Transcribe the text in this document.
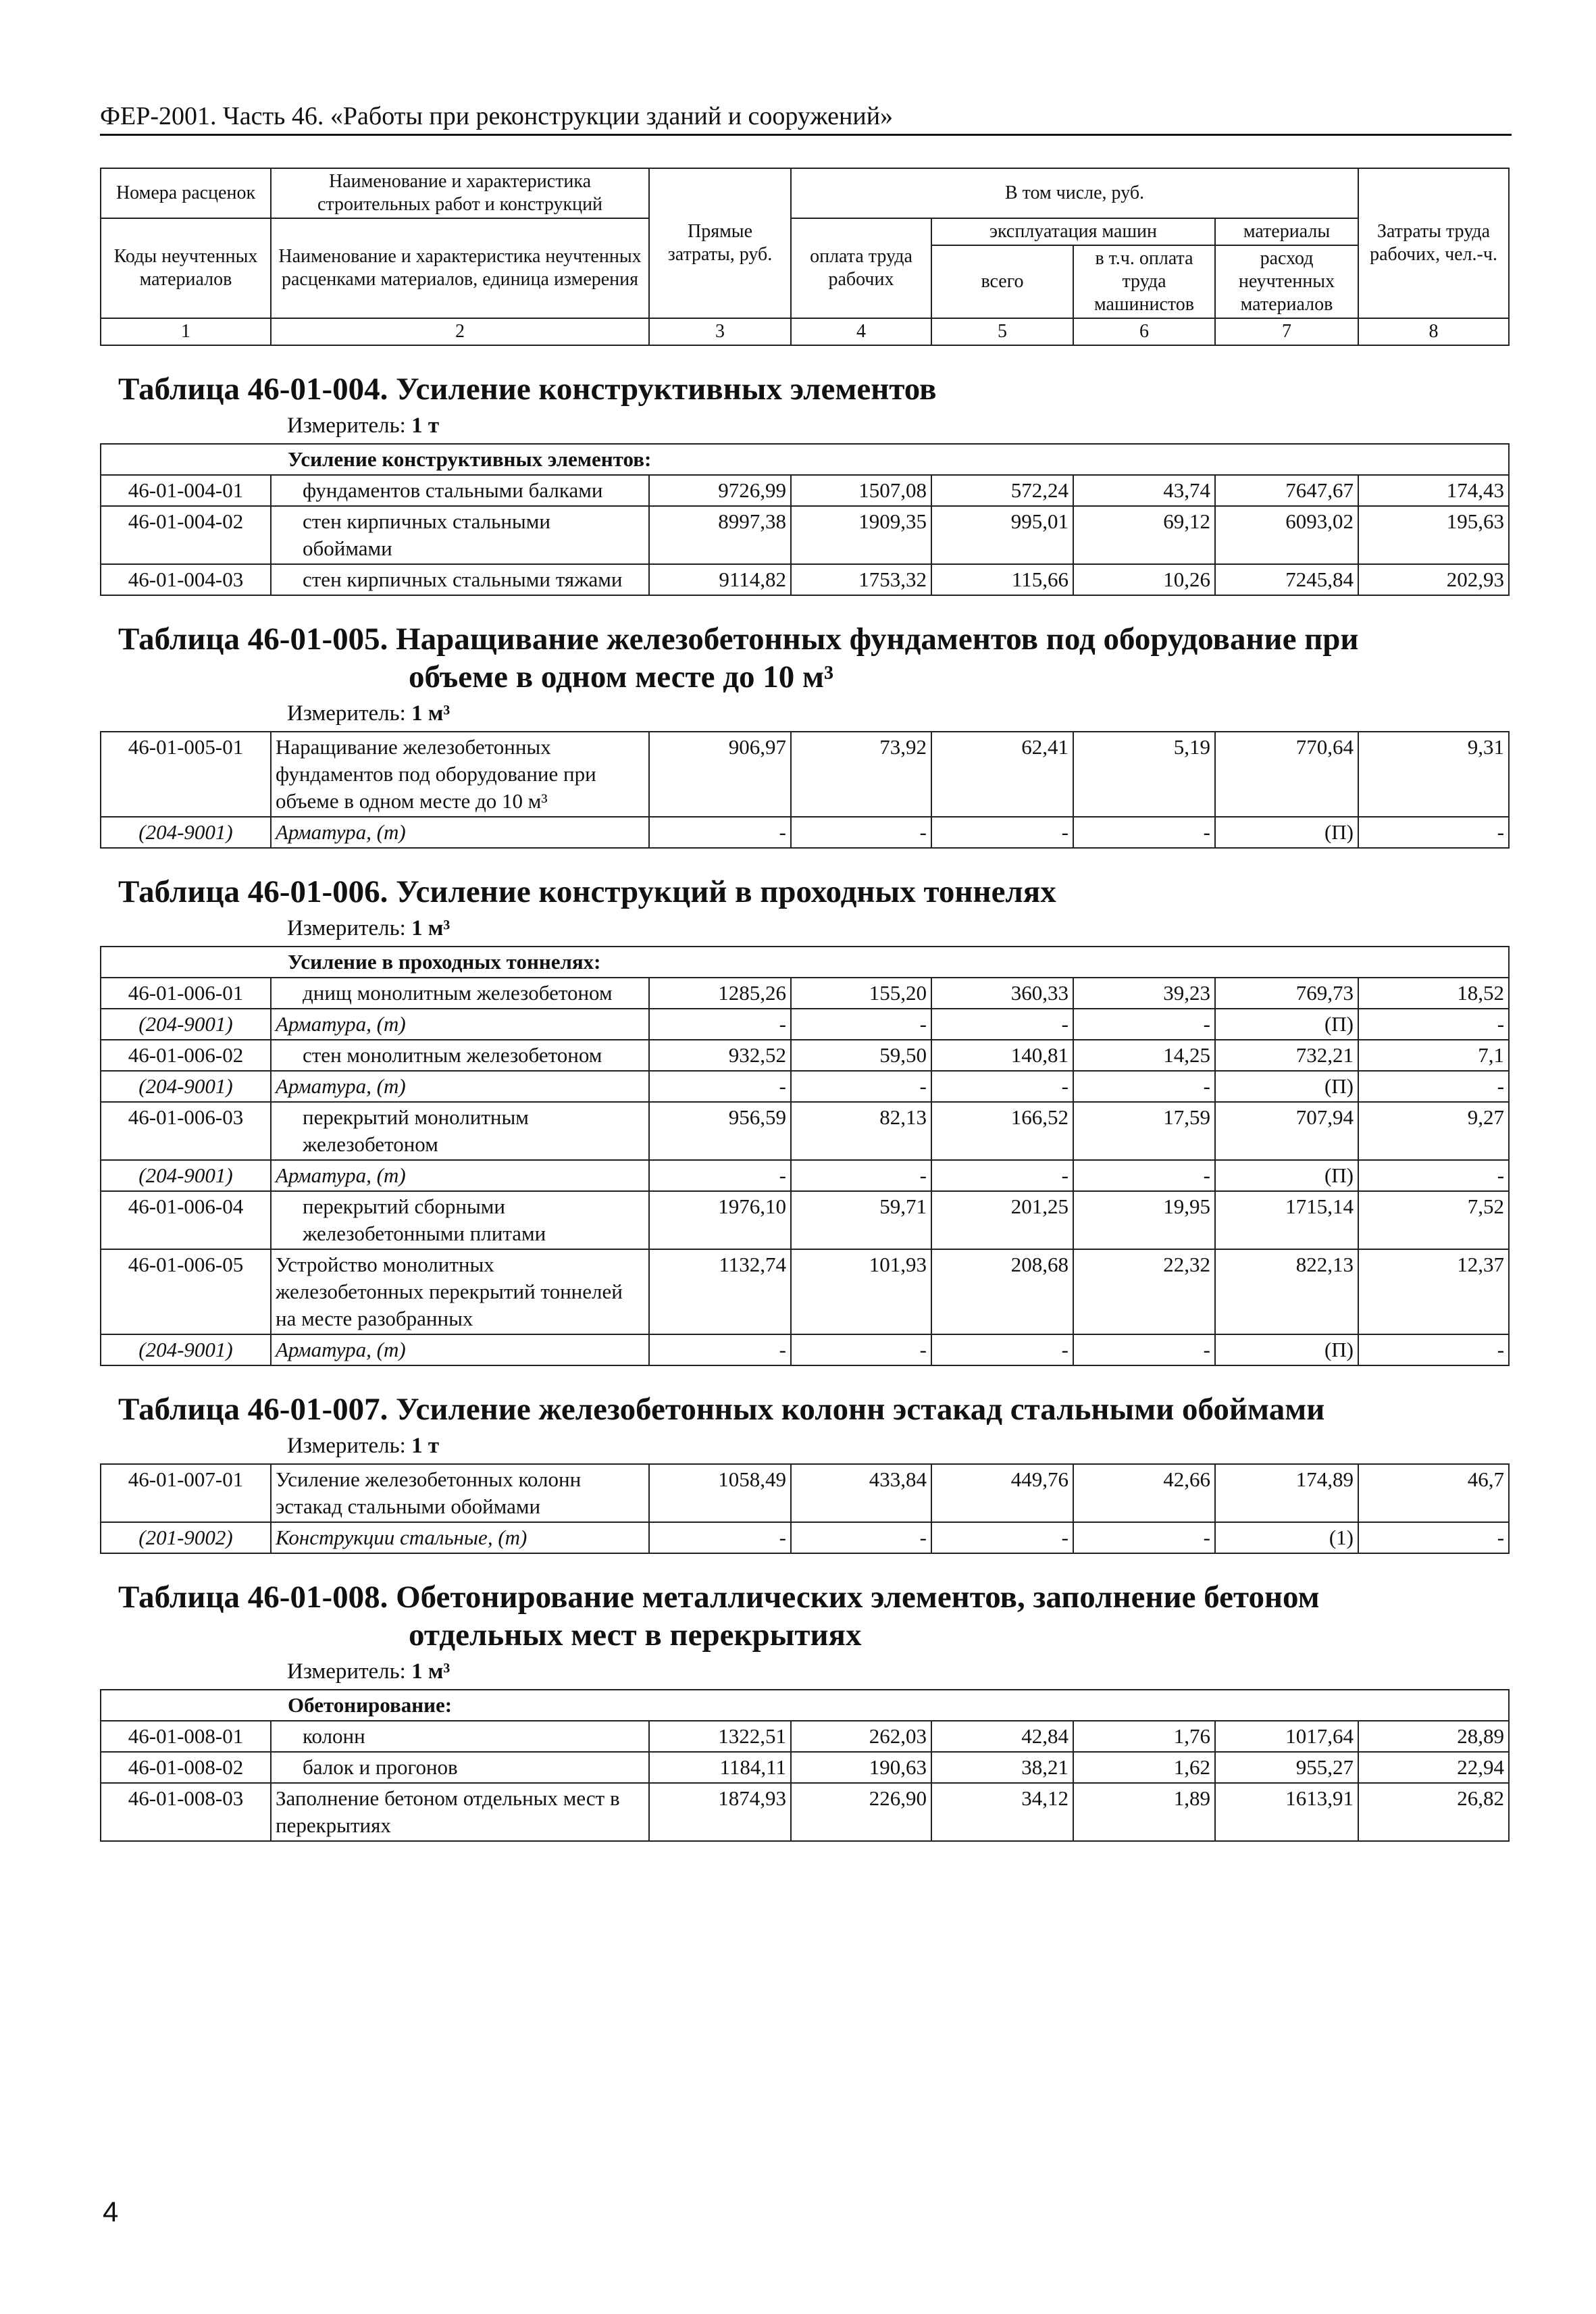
ФЕР-2001. Часть 46. «Работы при реконструкции зданий и сооружений»
Номера расценок	Наименование и характеристика строительных работ и конструкций	Прямые затраты, руб.	В том числе, руб.				Затраты труда рабочих, чел.-ч.
Коды неучтенных материалов	Наименование и характеристика неучтенных расценками материалов, единица измерения		оплата труда рабочих	эксплуатация машин		материалы	
				всего	в т.ч. оплата труда машинистов	расход неучтенных материалов	
1	2	3	4	5	6	7	8

Таблица 46-01-004. Усиление конструктивных элементов
Измеритель: 1 т							

Усиление конструктивных элементов:							
46-01-004-01	фундаментов стальными балками	9726,99	1507,08	572,24	43,74	7647,67	174,43
46-01-004-02	стен кирпичных стальными обоймами	8997,38	1909,35	995,01	69,12	6093,02	195,63
46-01-004-03	стен кирпичных стальными тяжами	9114,82	1753,32	115,66	10,26	7245,84	202,93

Таблица 46-01-005. Наращивание железобетонных фундаментов под оборудование при
объеме в одном месте до 10 м³
Измеритель: 1 м³							

46-01-005-01	Наращивание железобетонных фундаментов под оборудование при объеме в одном месте до 10 м³	906,97	73,92	62,41	5,19	770,64	9,31
(204-9001)	Арматура, (т)	-	-	-	-	(П)	-

Таблица 46-01-006. Усиление конструкций в проходных тоннелях
Измеритель: 1 м³							

Усиление в проходных тоннелях:							
46-01-006-01	днищ монолитным железобетоном	1285,26	155,20	360,33	39,23	769,73	18,52
(204-9001)	Арматура, (т)	-	-	-	-	(П)	-
46-01-006-02	стен монолитным железобетоном	932,52	59,50	140,81	14,25	732,21	7,1
(204-9001)	Арматура, (т)	-	-	-	-	(П)	-
46-01-006-03	перекрытий монолитным железобетоном	956,59	82,13	166,52	17,59	707,94	9,27
(204-9001)	Арматура, (т)	-	-	-	-	(П)	-
46-01-006-04	перекрытий сборными железобетонными плитами	1976,10	59,71	201,25	19,95	1715,14	7,52
46-01-006-05	Устройство монолитных железобетонных перекрытий тоннелей на месте разобранных	1132,74	101,93	208,68	22,32	822,13	12,37
(204-9001)	Арматура, (т)	-	-	-	-	(П)	-

Таблица 46-01-007. Усиление железобетонных колонн эстакад стальными обоймами
Измеритель: 1 т							

46-01-007-01	Усиление железобетонных колонн эстакад стальными обоймами	1058,49	433,84	449,76	42,66	174,89	46,7
(201-9002)	Конструкции стальные, (т)	-	-	-	-	(1)	-

Таблица 46-01-008. Обетонирование металлических элементов, заполнение бетоном
отдельных мест в перекрытиях
Измеритель: 1 м³							

Обетонирование:							
46-01-008-01	колонн	1322,51	262,03	42,84	1,76	1017,64	28,89
46-01-008-02	балок и прогонов	1184,11	190,63	38,21	1,62	955,27	22,94
46-01-008-03	Заполнение бетоном отдельных мест в перекрытиях	1874,93	226,90	34,12	1,89	1613,91	26,82
4
